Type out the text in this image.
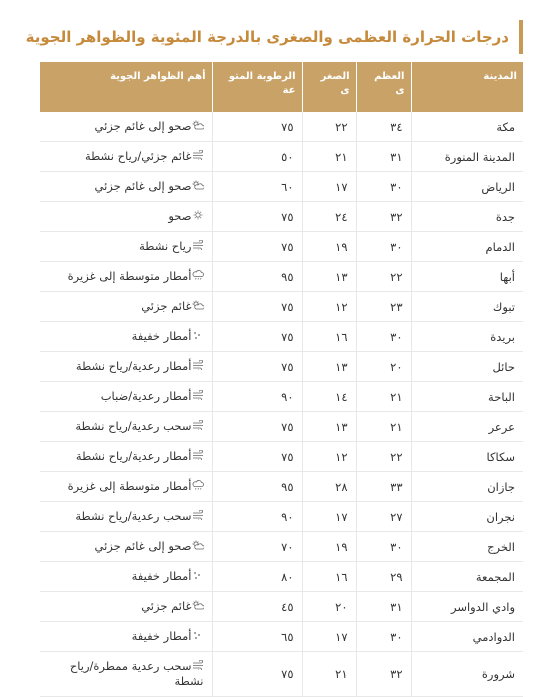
درجات الحرارة العظمى والصغرى بالدرجة المئوية والظواهر الجوية
المدينة	العظم ى	الصغر ى	الرطوبة المتو عة	أهم الظواهر الجوية
مكة	٣٤	٢٢	٧٥	صحو إلى غائم جزئي
المدينة المنورة	٣١	٢١	٥٠	غائم جزئي/رياح نشطة
الرياض	٣٠	١٧	٦٠	صحو إلى غائم جزئي
جدة	٣٢	٢٤	٧٥	صحو
الدمام	٣٠	١٩	٧٥	رياح نشطة
أبها	٢٢	١٣	٩٥	أمطار متوسطة إلى غزيرة
تبوك	٢٣	١٢	٧٥	غائم جزئي
بريدة	٣٠	١٦	٧٥	أمطار خفيفة
حائل	٢٠	١٣	٧٥	أمطار رعدية/رياح نشطة
الباحة	٢١	١٤	٩٠	أمطار رعدية/ضباب
عرعر	٢١	١٣	٧٥	سحب رعدية/رياح نشطة
سكاكا	٢٢	١٢	٧٥	أمطار رعدية/رياح نشطة
جازان	٣٣	٢٨	٩٥	أمطار متوسطة إلى غزيرة
نجران	٢٧	١٧	٩٠	سحب رعدية/رياح نشطة
الخرج	٣٠	١٩	٧٠	صحو إلى غائم جزئي
المجمعة	٢٩	١٦	٨٠	أمطار خفيفة
وادي الدواسر	٣١	٢٠	٤٥	غائم جزئي
الدوادمي	٣٠	١٧	٦٥	أمطار خفيفة
شرورة	٣٢	٢١	٧٥	سحب رعدية ممطرة/رياح نشطة
